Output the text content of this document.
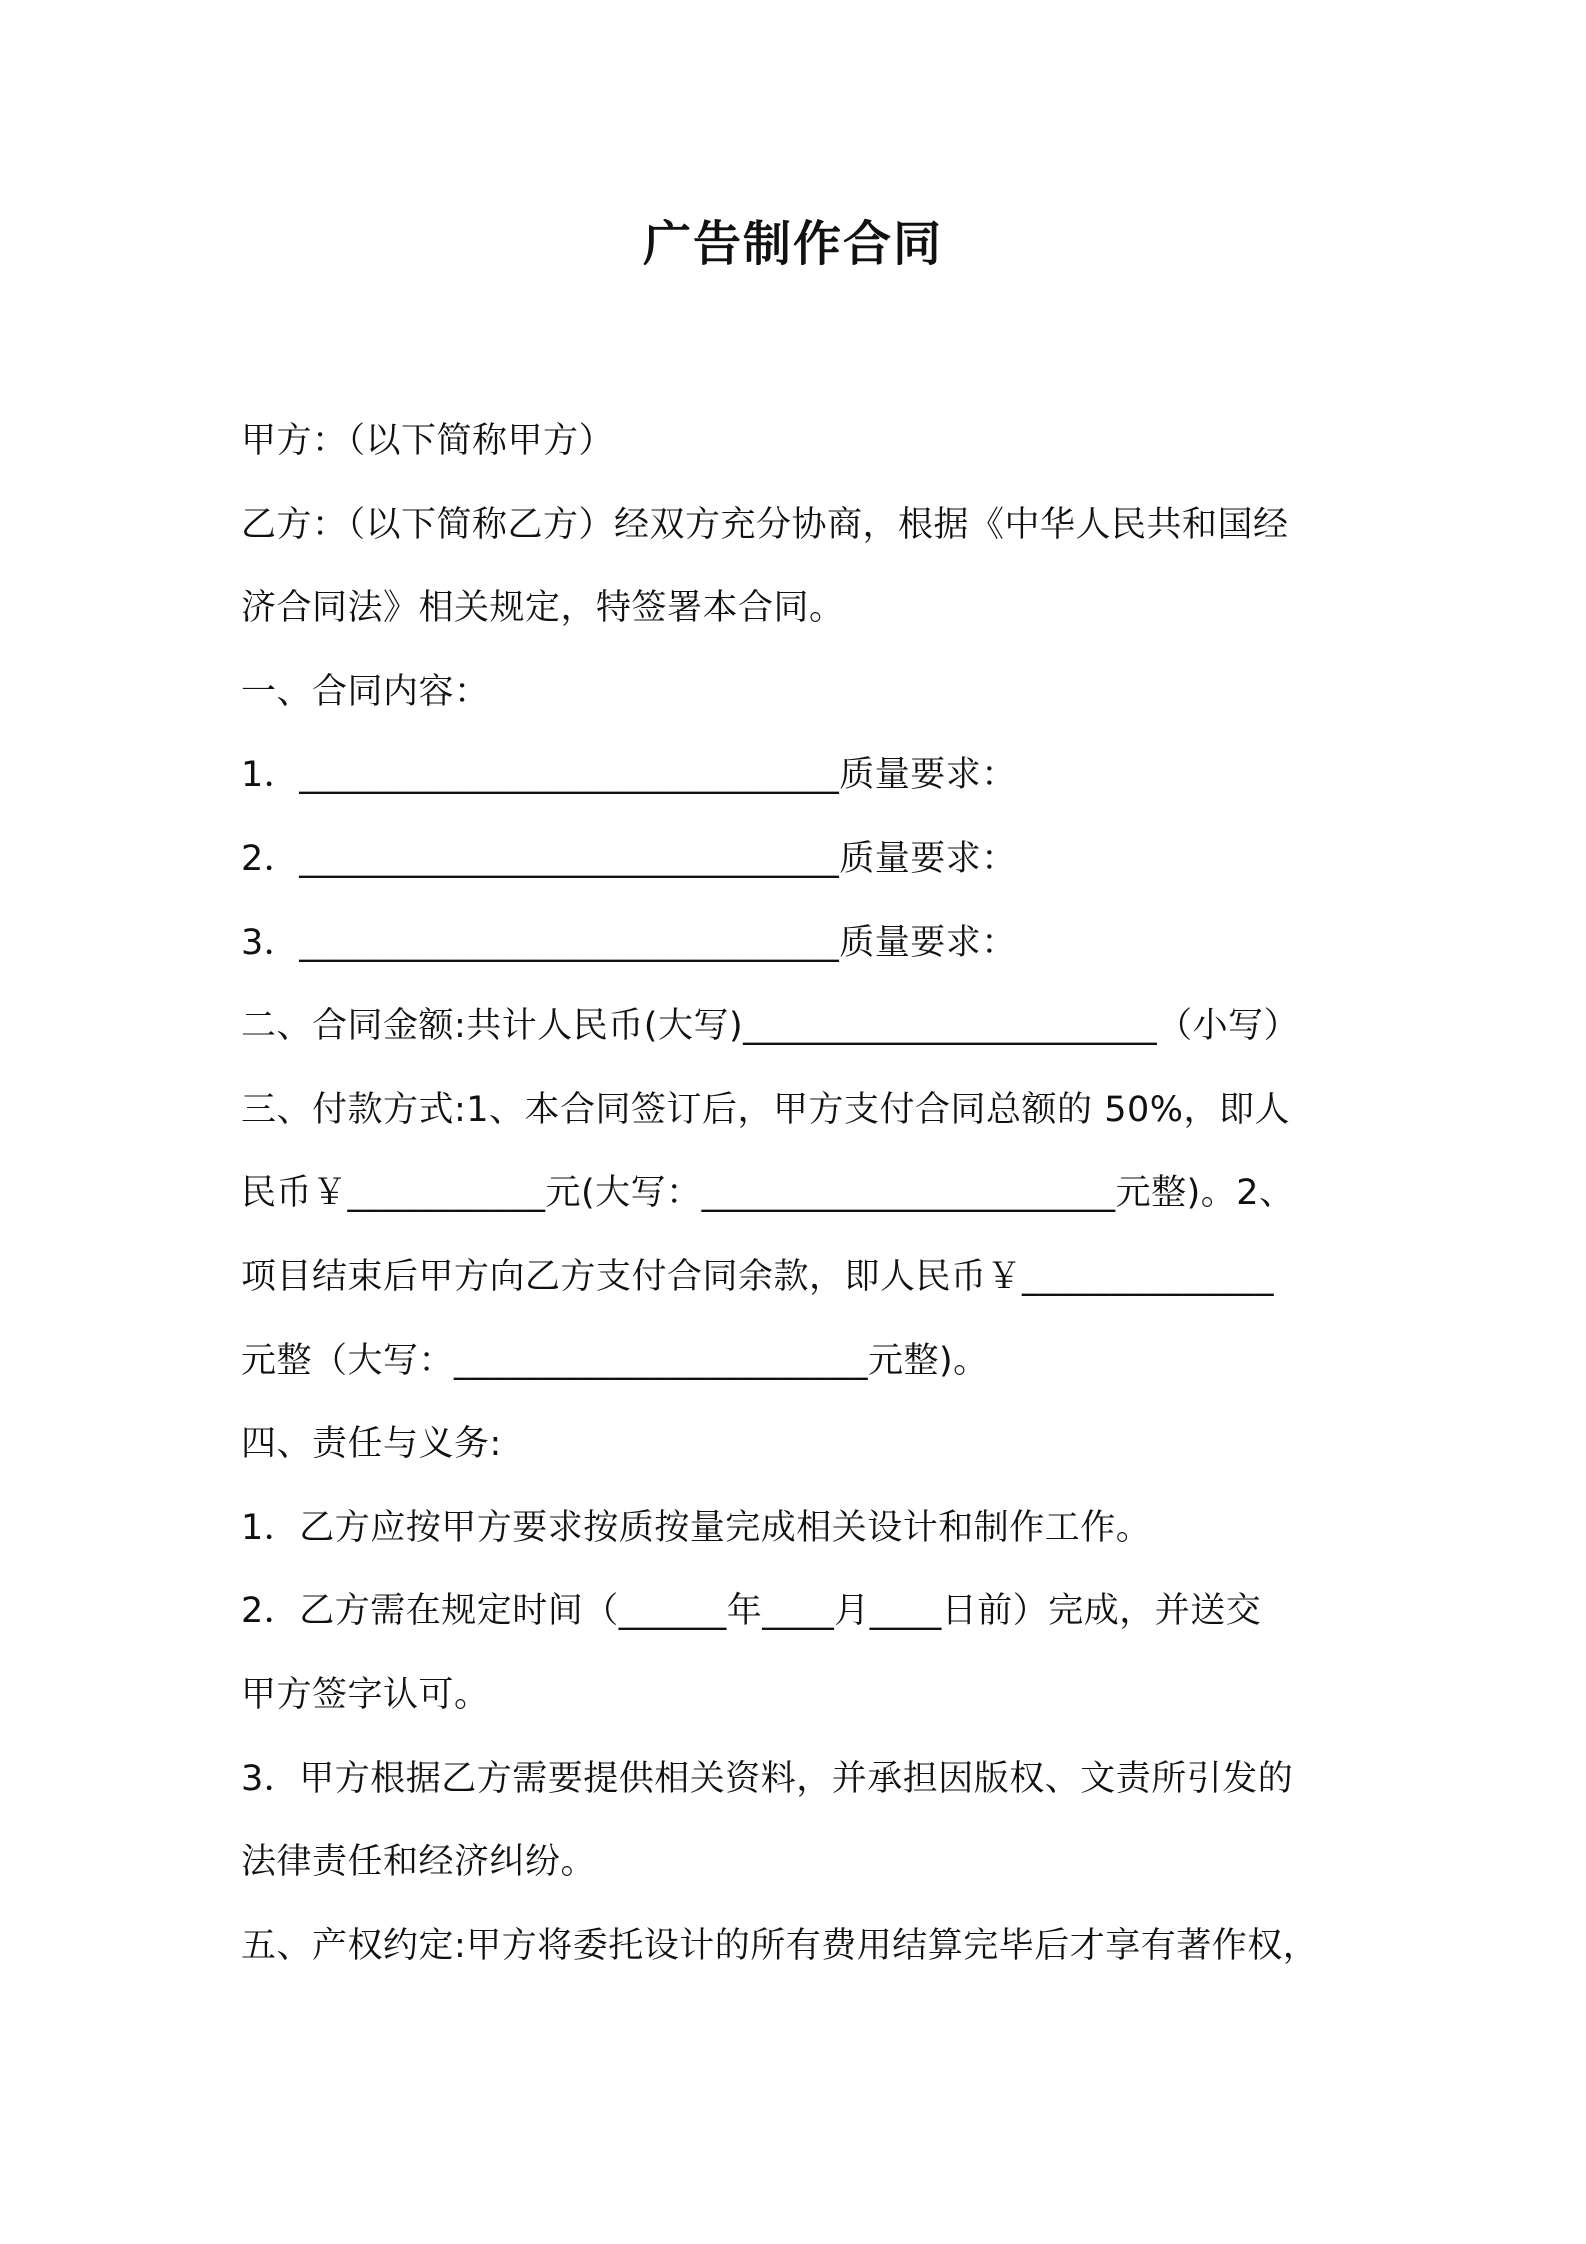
广告制作合同
甲方：（以下简称甲方）
乙方：（以下简称乙方）经双方充分协商，根据《中华人民共和国经
济合同法》相关规定，特签署本合同。
一、合同内容：
1．______________________________质量要求：
2．______________________________质量要求：
3．______________________________质量要求：
二、合同金额:共计人民币(大写)_______________________（小写）
三、付款方式:1、本合同签订后，甲方支付合同总额的 50%，即人
民币￥___________元(大写：_______________________元整)。2、
项目结束后甲方向乙方支付合同余款，即人民币￥______________
元整（大写：_______________________元整)。
四、责任与义务:
1．乙方应按甲方要求按质按量完成相关设计和制作工作。
2．乙方需在规定时间（______年____月____日前）完成，并送交
甲方签字认可。
3．甲方根据乙方需要提供相关资料，并承担因版权、文责所引发的
法律责任和经济纠纷。
五、产权约定:甲方将委托设计的所有费用结算完毕后才享有著作权，
